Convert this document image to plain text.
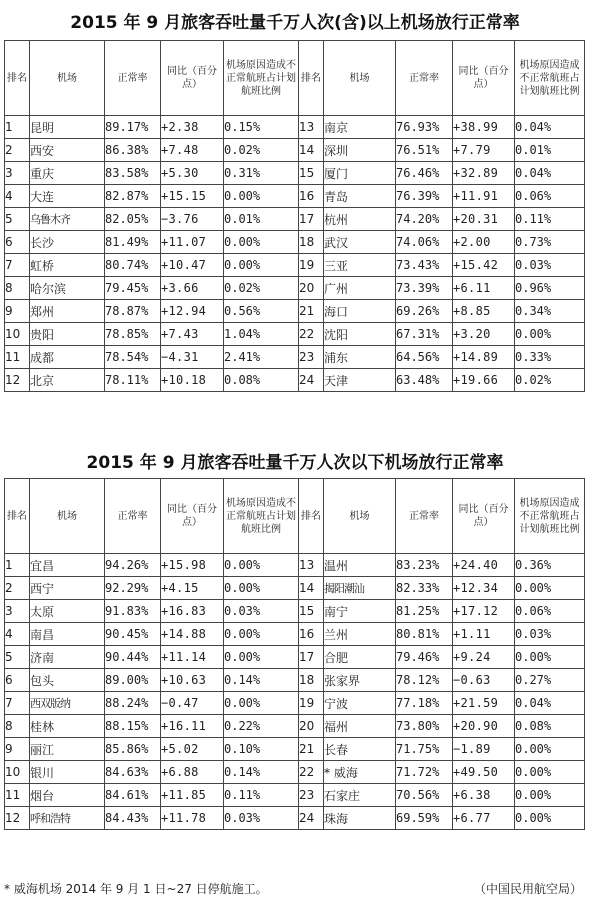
2015 年 9 月旅客吞吐量千万人次(含)以上机场放行正常率
排名	机场	正常率	同比（百分点）	机场原因造成不正常航班占计划航班比例	排名	机场	正常率	同比（百分点）	机场原因造成不正常航班占计划航班比例
1	昆明	89.17%	+2.38	0.15%	13	南京	76.93%	+38.99	0.04%
2	西安	86.38%	+7.48	0.02%	14	深圳	76.51%	+7.79	0.01%
3	重庆	83.58%	+5.30	0.31%	15	厦门	76.46%	+32.89	0.04%
4	大连	82.87%	+15.15	0.00%	16	青岛	76.39%	+11.91	0.06%
5	乌鲁木齐	82.05%	−3.76	0.01%	17	杭州	74.20%	+20.31	0.11%
6	长沙	81.49%	+11.07	0.00%	18	武汉	74.06%	+2.00	0.73%
7	虹桥	80.74%	+10.47	0.00%	19	三亚	73.43%	+15.42	0.03%
8	哈尔滨	79.45%	+3.66	0.02%	20	广州	73.39%	+6.11	0.96%
9	郑州	78.87%	+12.94	0.56%	21	海口	69.26%	+8.85	0.34%
10	贵阳	78.85%	+7.43	1.04%	22	沈阳	67.31%	+3.20	0.00%
11	成都	78.54%	−4.31	2.41%	23	浦东	64.56%	+14.89	0.33%
12	北京	78.11%	+10.18	0.08%	24	天津	63.48%	+19.66	0.02%
2015 年 9 月旅客吞吐量千万人次以下机场放行正常率
排名	机场	正常率	同比（百分点）	机场原因造成不正常航班占计划航班比例	排名	机场	正常率	同比（百分点）	机场原因造成不正常航班占计划航班比例
1	宜昌	94.26%	+15.98	0.00%	13	温州	83.23%	+24.40	0.36%
2	西宁	92.29%	+4.15	0.00%	14	揭阳潮汕	82.33%	+12.34	0.00%
3	太原	91.83%	+16.83	0.03%	15	南宁	81.25%	+17.12	0.06%
4	南昌	90.45%	+14.88	0.00%	16	兰州	80.81%	+1.11	0.03%
5	济南	90.44%	+11.14	0.00%	17	合肥	79.46%	+9.24	0.00%
6	包头	89.00%	+10.63	0.14%	18	张家界	78.12%	−0.63	0.27%
7	西双版纳	88.24%	−0.47	0.00%	19	宁波	77.18%	+21.59	0.04%
8	桂林	88.15%	+16.11	0.22%	20	福州	73.80%	+20.90	0.08%
9	丽江	85.86%	+5.02	0.10%	21	长春	71.75%	−1.89	0.00%
10	银川	84.63%	+6.88	0.14%	22	* 威海	71.72%	+49.50	0.00%
11	烟台	84.61%	+11.85	0.11%	23	石家庄	70.56%	+6.38	0.00%
12	呼和浩特	84.43%	+11.78	0.03%	24	珠海	69.59%	+6.77	0.00%
* 威海机场 2014 年 9 月 1 日~27 日停航施工。	（中国民用航空局）
